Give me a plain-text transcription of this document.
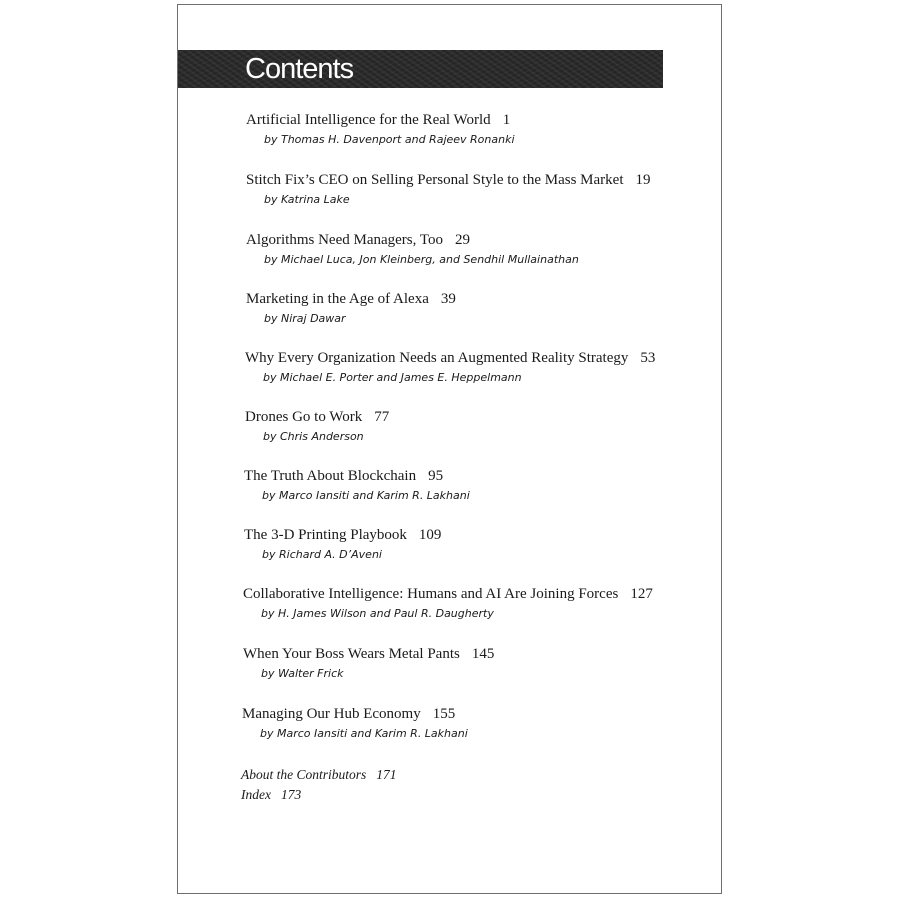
Contents
Artificial Intelligence for the Real World 1
by Thomas H. Davenport and Rajeev Ronanki
Stitch Fix’s CEO on Selling Personal Style to the Mass Market 19
by Katrina Lake
Algorithms Need Managers, Too 29
by Michael Luca, Jon Kleinberg, and Sendhil Mullainathan
Marketing in the Age of Alexa 39
by Niraj Dawar
Why Every Organization Needs an Augmented Reality Strategy 53
by Michael E. Porter and James E. Heppelmann
Drones Go to Work 77
by Chris Anderson
The Truth About Blockchain 95
by Marco Iansiti and Karim R. Lakhani
The 3-D Printing Playbook 109
by Richard A. D’Aveni
Collaborative Intelligence: Humans and AI Are Joining Forces 127
by H. James Wilson and Paul R. Daugherty
When Your Boss Wears Metal Pants 145
by Walter Frick
Managing Our Hub Economy 155
by Marco Iansiti and Karim R. Lakhani
About the Contributors 171
Index 173
